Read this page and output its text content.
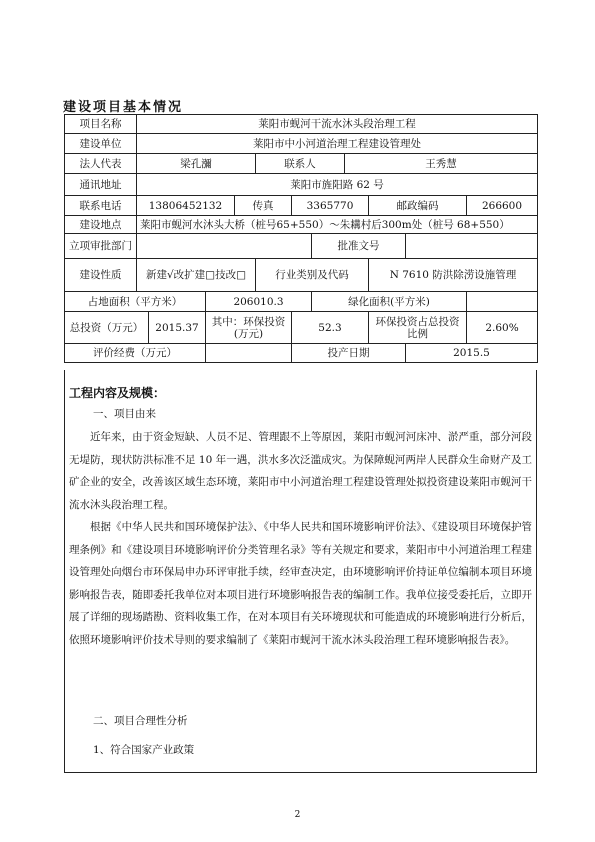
建设项目基本情况
项目名称	莱阳市蚬河干流水沐头段治理工程										
建设单位	莱阳市中小河道治理工程建设管理处										
法人代表	梁孔瀰				联系人			王秀慧			
通讯地址	莱阳市旌阳路 62 号										
联系电话	13806452132			传真		3365770			邮政编码		266600
建设地点	莱阳市蚬河水沐头大桥（桩号65+550）～朱耩村后300m处（桩号 68+550）										
立项审批部门							批准文号				
建设性质	新建√改扩建□技改□				行业类别及代码				N 7610 防洪除涝设施管理		
占地面积（平方米）			206010.3				绿化面积(平方米)				
总投资（万元）		2015.37	其中：环保投资(万元)			52.3			环保投资占总投资比例		2.60%
评价经费（万元）						投产日期				2015.5	
工程内容及规模：
一、项目由来
近年来，由于资金短缺、人员不足、管理跟不上等原因，莱阳市蚬河河床冲、淤严重，部分河段无堤防，现状防洪标准不足 10 年一遇，洪水多次泛滥成灾。为保障蚬河两岸人民群众生命财产及工矿企业的安全，改善该区域生态环境，莱阳市中小河道治理工程建设管理处拟投资建设莱阳市蚬河干流水沐头段治理工程。
根据《中华人民共和国环境保护法》、《中华人民共和国环境影响评价法》、《建设项目环境保护管理条例》和《建设项目环境影响评价分类管理名录》等有关规定和要求，莱阳市中小河道治理工程建设管理处向烟台市环保局申办环评审批手续，经审查决定，由环境影响评价持证单位编制本项目环境影响报告表，随即委托我单位对本项目进行环境影响报告表的编制工作。我单位接受委托后，立即开展了详细的现场踏勘、资料收集工作，在对本项目有关环境现状和可能造成的环境影响进行分析后，依照环境影响评价技术导则的要求编制了《莱阳市蚬河干流水沐头段治理工程环境影响报告表》。
二、项目合理性分析
1、符合国家产业政策
2
